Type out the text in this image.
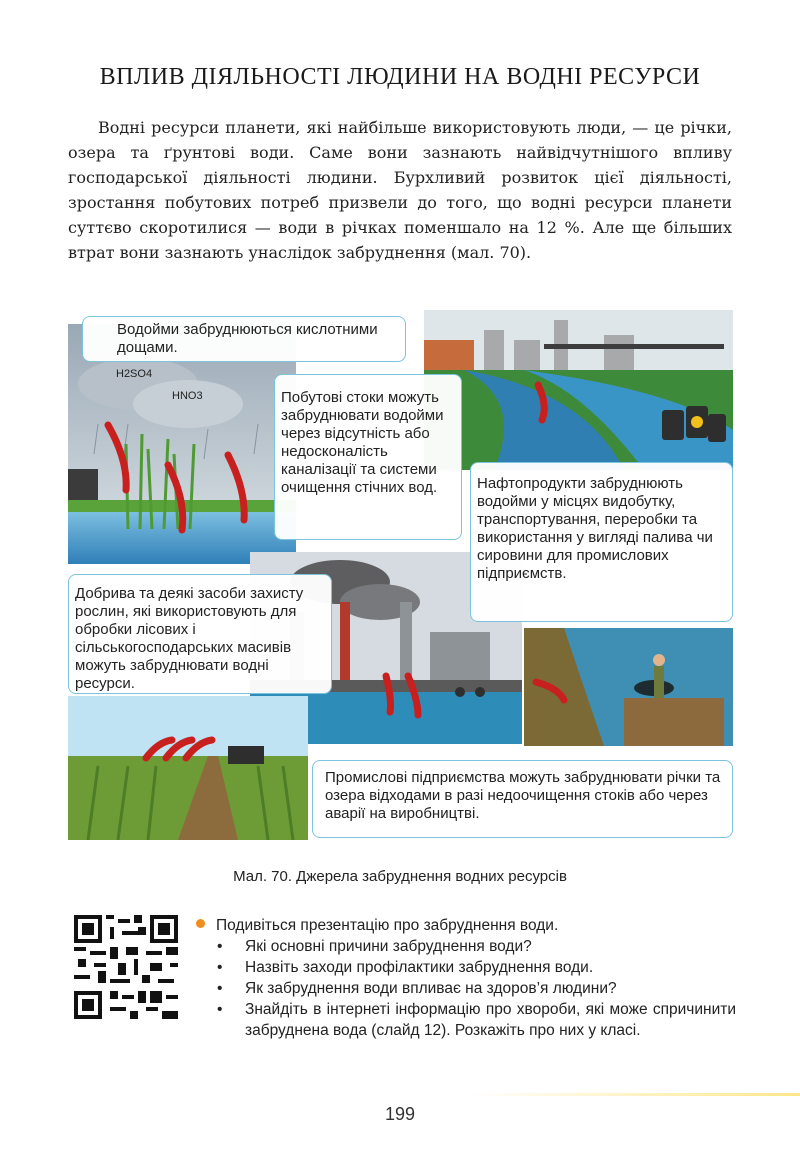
ВПЛИВ ДІЯЛЬНОСТІ ЛЮДИНИ НА ВОДНІ РЕСУРСИ

Водні ресурси планети, які найбільше використовують люди, — це річки, озера та ґрунтові води. Саме вони зазнають найвідчутнішого впливу господарської діяльності людини. Бурхливий розвиток цієї діяльності, зростання побутових потреб призвели до того, що водні ресурси планети суттєво скоротилися — води в річках поменшало на 12 %. Але ще більших втрат вони зазнають унаслідок забруднення (мал. 70).

H2SO4
HNO3
Водойми забруднюються кислотними дощами.
Побутові стоки можуть забруднювати водойми через відсутність або недосконалість каналізації та системи очищення стічних вод.	Нафтопродукти забруднюють водойми у місцях видобутку, транспортування, переробки та використання у вигляді палива чи сировини для промислових підприємств.
Добрива та деякі засоби захисту рослин, які використовують для обробки лісових і сільськогосподарських масивів можуть забруднювати водні ресурси.
Промислові підприємства можуть забруднювати річки та озера відходами в разі недоочищення стоків або через аварії на виробництві.
Мал. 70. Джерела забруднення водних ресурсів
Подивіться презентацію про забруднення води.
• Які основні причини забруднення води?
• Назвіть заходи профілактики забруднення води.
• Як забруднення води впливає на здоров’я людини?
• Знайдіть в інтернеті інформацію про хвороби, які може спричинити забруднена вода (слайд 12). Розкажіть про них у класі.
199
